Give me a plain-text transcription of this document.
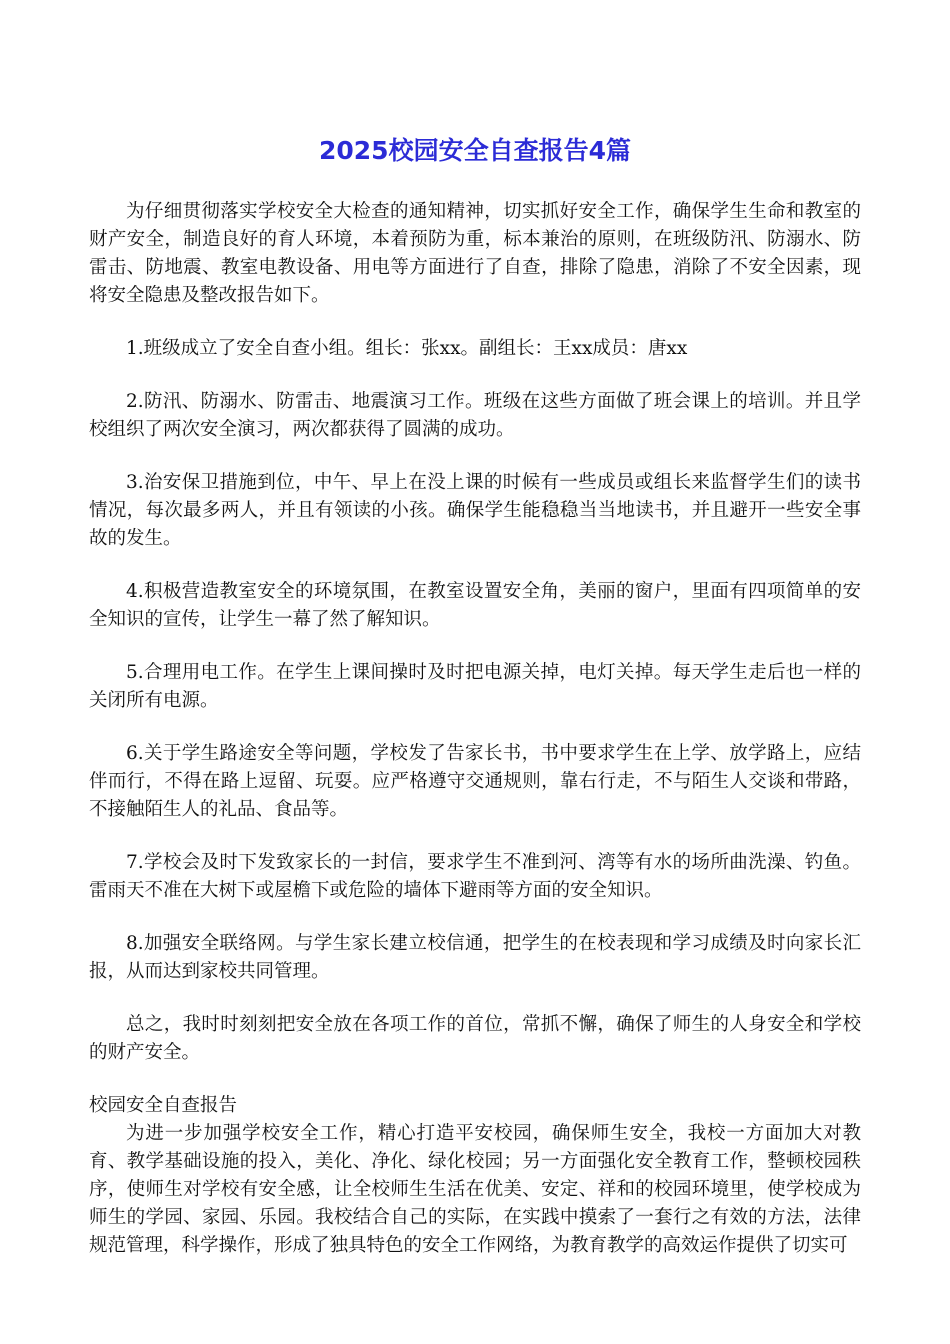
2025校园安全自查报告4篇

为仔细贯彻落实学校安全大检查的通知精神，切实抓好安全工作，确保学生生命和教室的财产安全，制造良好的育人环境，本着预防为重，标本兼治的原则，在班级防汛、防溺水、防雷击、防地震、教室电教设备、用电等方面进行了自查，排除了隐患，消除了不安全因素，现将安全隐患及整改报告如下。

1.班级成立了安全自查小组。组长：张xx。副组长：王xx成员：唐xx

2.防汛、防溺水、防雷击、地震演习工作。班级在这些方面做了班会课上的培训。并且学校组织了两次安全演习，两次都获得了圆满的成功。

3.治安保卫措施到位，中午、早上在没上课的时候有一些成员或组长来监督学生们的读书情况，每次最多两人，并且有领读的小孩。确保学生能稳稳当当地读书，并且避开一些安全事故的发生。

4.积极营造教室安全的环境氛围，在教室设置安全角，美丽的窗户，里面有四项简单的安全知识的宣传，让学生一幕了然了解知识。

5.合理用电工作。在学生上课间操时及时把电源关掉，电灯关掉。每天学生走后也一样的关闭所有电源。

6.关于学生路途安全等问题，学校发了告家长书，书中要求学生在上学、放学路上，应结伴而行，不得在路上逗留、玩耍。应严格遵守交通规则，靠右行走，不与陌生人交谈和带路，不接触陌生人的礼品、食品等。

7.学校会及时下发致家长的一封信，要求学生不准到河、湾等有水的场所曲洗澡、钓鱼。雷雨天不准在大树下或屋檐下或危险的墙体下避雨等方面的安全知识。

8.加强安全联络网。与学生家长建立校信通，把学生的在校表现和学习成绩及时向家长汇报，从而达到家校共同管理。

总之，我时时刻刻把安全放在各项工作的首位，常抓不懈，确保了师生的人身安全和学校的财产安全。

校园安全自查报告

为进一步加强学校安全工作，精心打造平安校园，确保师生安全，我校一方面加大对教育、教学基础设施的投入，美化、净化、绿化校园；另一方面强化安全教育工作，整顿校园秩序，使师生对学校有安全感，让全校师生生活在优美、安定、祥和的校园环境里，使学校成为师生的学园、家园、乐园。我校结合自己的实际，在实践中摸索了一套行之有效的方法，法律规范管理，科学操作，形成了独具特色的安全工作网络，为教育教学的高效运作提供了切实可
